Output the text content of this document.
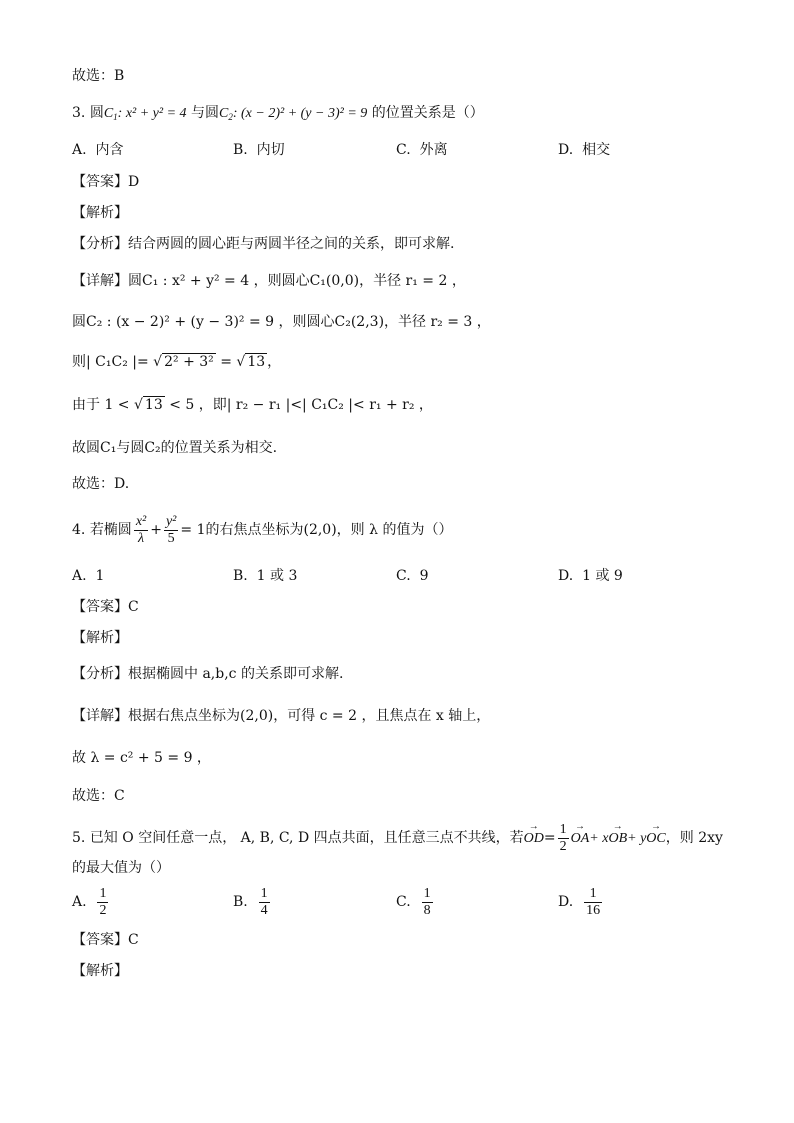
故选：B
3. 圆$C_1$: x² + y² = 4 与圆$C_2$: (x − 2)² + (y − 3)² = 9 的位置关系是（）
A. 内含	B. 内切	C. 外离	D. 相交
【答案】D
【解析】
【分析】结合两圆的圆心距与两圆半径之间的关系，即可求解.
【详解】圆C₁ : x² + y² = 4 ，则圆心C₁(0,0)，半径 r₁ = 2 ，
圆C₂ : (x − 2)² + (y − 3)² = 9 ，则圆心C₂(2,3)，半径 r₂ = 3 ，
则| C₁C₂ |= √ 2² + 3² = √ 13 ，
由于 1 < √ 13 < 5 ，即| r₂ − r₁ |<| C₁C₂ |< r₁ + r₂ ，
故圆C₁与圆C₂的位置关系为相交.
故选：D.
4. 若椭圆 $\frac{\text{x²}}{\lambda} + \frac{\text{y²}}{5} = 1$的右焦点坐标为(2,0)，则 λ 的值为（）
A. 1	B. 1 或 3	C. 9	D. 1 或 9
【答案】C
【解析】
【分析】根据椭圆中 a,b,c 的关系即可求解.
【详解】根据右焦点坐标为(2,0)，可得 c = 2 ，且焦点在 x 轴上，
故 λ = c² + 5 = 9 ，
故选：C
5. 已知 O 空间任意一点， A, B, C, D 四点共面，且任意三点不共线，若→ $OD= \frac{1}{2}$
→ OA+ x→ OB+ y→ OC，则 2xy
的最大值为（）
A. $\frac{1}{2}$	B. $\frac{1}{4}$	C. $\frac{1}{8}$	D. $\frac{1}{16}$
【答案】C
【解析】
